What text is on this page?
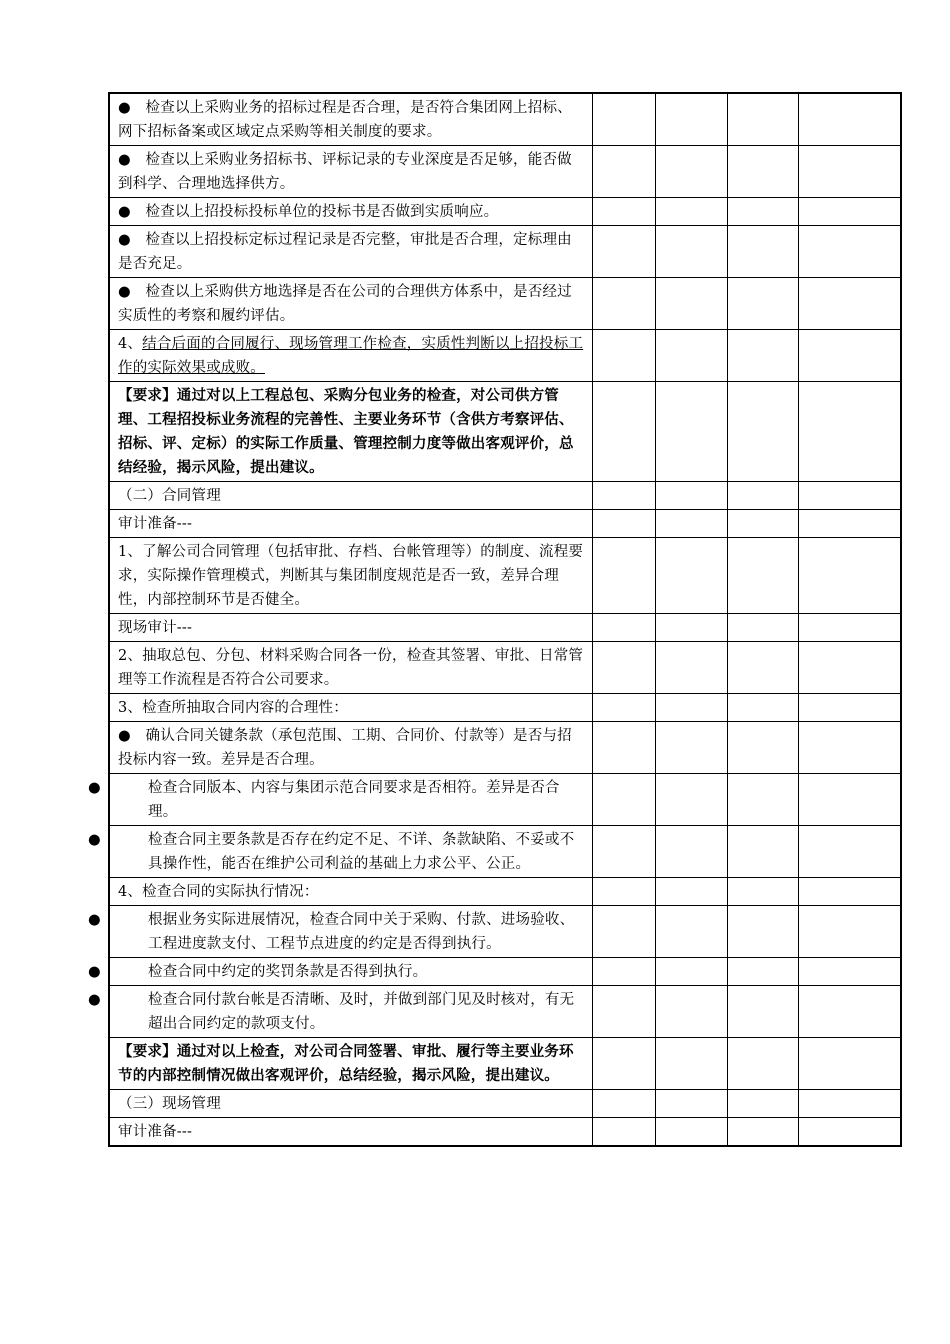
●　检查以上采购业务的招标过程是否合理，是否符合集团网上招标、网下招标备案或区域定点采购等相关制度的要求。				
●　检查以上采购业务招标书、评标记录的专业深度是否足够，能否做到科学、合理地选择供方。				
●　检查以上招投标投标单位的投标书是否做到实质响应。				
●　检查以上招投标定标过程记录是否完整，审批是否合理，定标理由是否充足。				
●　检查以上采购供方地选择是否在公司的合理供方体系中，是否经过实质性的考察和履约评估。				
4、结合后面的合同履行、现场管理工作检查，实质性判断以上招投标工作的实际效果或成败。				
【要求】通过对以上工程总包、采购分包业务的检查，对公司供方管理、工程招投标业务流程的完善性、主要业务环节（含供方考察评估、招标、评、定标）的实际工作质量、管理控制力度等做出客观评价，总结经验，揭示风险，提出建议。				
（二）合同管理				
审计准备---				
1、了解公司合同管理（包括审批、存档、台帐管理等）的制度、流程要求，实际操作管理模式，判断其与集团制度规范是否一致，差异合理性，内部控制环节是否健全。				
现场审计---				
2、抽取总包、分包、材料采购合同各一份，检查其签署、审批、日常管理等工作流程是否符合公司要求。				
3、检查所抽取合同内容的合理性：				
●　确认合同关键条款（承包范围、工期、合同价、付款等）是否与招投标内容一致。差异是否合理。				
● 检查合同版本、内容与集团示范合同要求是否相符。差异是否合理。				
● 检查合同主要条款是否存在约定不足、不详、条款缺陷、不妥或不具操作性，能否在维护公司利益的基础上力求公平、公正。				
4、检查合同的实际执行情况：				
● 根据业务实际进展情况，检查合同中关于采购、付款、进场验收、工程进度款支付、工程节点进度的约定是否得到执行。				
● 检查合同中约定的奖罚条款是否得到执行。				
● 检查合同付款台帐是否清晰、及时，并做到部门见及时核对，有无超出合同约定的款项支付。				
【要求】通过对以上检查，对公司合同签署、审批、履行等主要业务环节的内部控制情况做出客观评价，总结经验，揭示风险，提出建议。				
（三）现场管理				
审计准备---				
